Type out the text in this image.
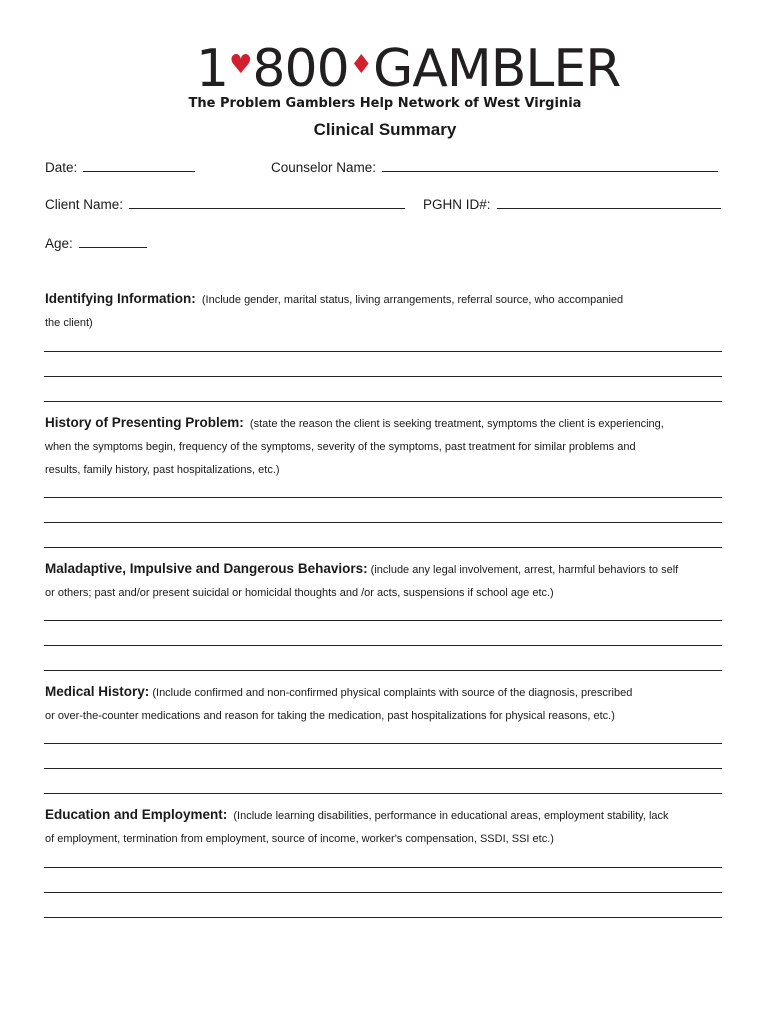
1 ♥ 800 ♦ GAMBLER
The Problem Gamblers Help Network of West Virginia
Clinical Summary
Date:	Counselor Name:
Client Name:	PGHN ID#:
Age:
Identifying Information: (Include gender, marital status, living arrangements, referral source, who accompanied
the client)
History of Presenting Problem: (state the reason the client is seeking treatment, symptoms the client is experiencing,
when the symptoms begin, frequency of the symptoms, severity of the symptoms, past treatment for similar problems and
results, family history, past hospitalizations, etc.)
Maladaptive, Impulsive and Dangerous Behaviors: (include any legal involvement, arrest, harmful behaviors to self
or others; past and/or present suicidal or homicidal thoughts and /or acts, suspensions if school age etc.)
Medical History: (Include confirmed and non-confirmed physical complaints with source of the diagnosis, prescribed
or over-the-counter medications and reason for taking the medication, past hospitalizations for physical reasons, etc.)
Education and Employment: (Include learning disabilities, performance in educational areas, employment stability, lack
of employment, termination from employment, source of income, worker's compensation, SSDI, SSI etc.)
